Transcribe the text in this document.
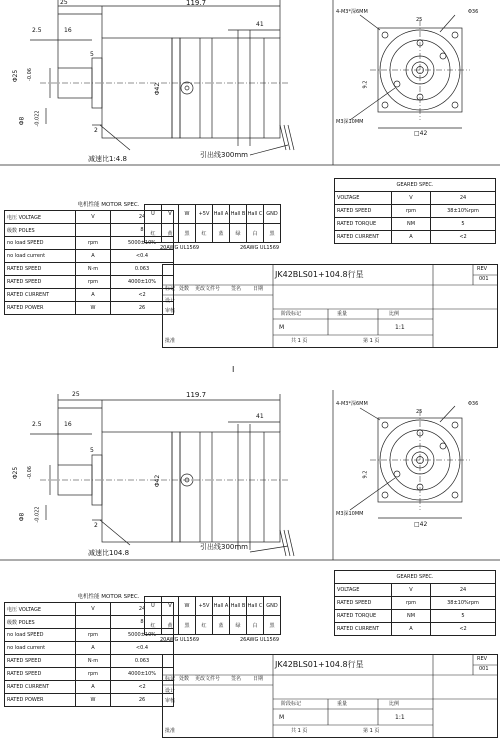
25	119.7
2.5	16
41
5
Φ25 -0.06
Φ42
Φ8 -0.022
2
减速比1:4.8	引出线300mm
4-M3*深6MM	Φ36
25
9.2
M3深10MM
□42
	电机性能 MOTOR SPEC.	
电压 VOLTAGE	V	24
级数 POLES		8
no load SPEED	rpm	5000±10%
no load current	A	<0.4
RATED SPEED	N·m	0.063
RATED SPEED	rpm	4000±10%
RATED CURRENT	A	<2
RATED POWER	W	26
U	V	W	+5V	Hall A	Hall B	Hall C	GND
红	黄	黑	红	蓝	绿	白	黑
20AWG UL1569	26AWG UL1569
GEARED SPEC.		
VOLTAGE	V	24
RATED SPEED	rpm	38±10%rpm
RATED TORQUE	NM	5
RATED CURRENT	A	<2
JK42BLS01+104.8行星
REV
001
标记 处数 更改文件号 签名 日期
设计
审核
批准
阶段标记	重量	比例
M	1:1
共 1 页	第 1 页
I
25	119.7
2.5	16
41
5
Φ25 -0.06
Φ42
Φ8 -0.022
2
减速比104.8
引出线300mm
4-M3*深6MM	Φ36
25
9.2
M3深10MM
□42
	电机性能 MOTOR SPEC.	
电压 VOLTAGE	V	24
级数 POLES		8
no load SPEED	rpm	5000±10%
no load current	A	<0.4
RATED SPEED	N·m	0.063
RATED SPEED	rpm	4000±10%
RATED CURRENT	A	<2
RATED POWER	W	26
U	V	W	+5V	Hall A	Hall B	Hall C	GND
红	黄	黑	红	蓝	绿	白	黑
20AWG UL1569	26AWG UL1569
GEARED SPEC.		
VOLTAGE	V	24
RATED SPEED	rpm	38±10%rpm
RATED TORQUE	NM	5
RATED CURRENT	A	<2
JK42BLS01+104.8行星
REV
001
标记 处数 更改文件号 签名 日期
设计
审核
批准
阶段标记	重量	比例
M	1:1
共 1 页	第 1 页
